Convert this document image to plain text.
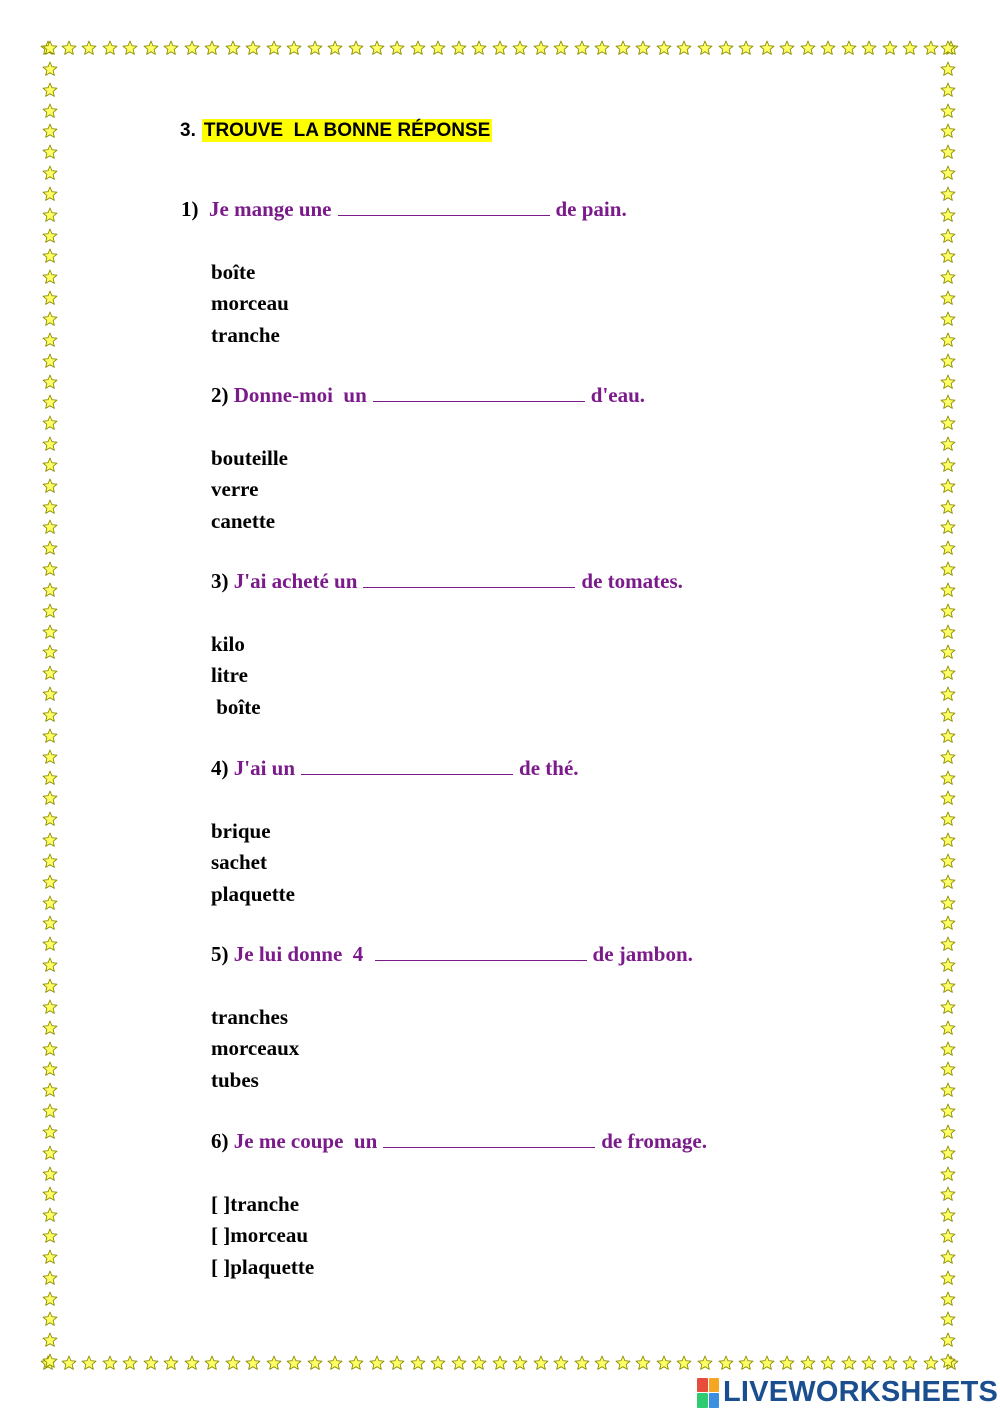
3. TROUVE  LA BONNE RÉPONSE
1) Je mange une	de pain.
boîte
morceau
tranche
2) Donne-moi  un	d'eau.
bouteille
verre
canette
3) J'ai acheté un	de tomates.
kilo
litre
boîte
4) J'ai un	de thé.
brique
sachet
plaquette
5) Je lui donne  4	de jambon.
tranches
morceaux
tubes
6) Je me coupe  un	de fromage.
[ ]tranche
[ ]morceau
[ ]plaquette
LIVEWORKSHEETS
